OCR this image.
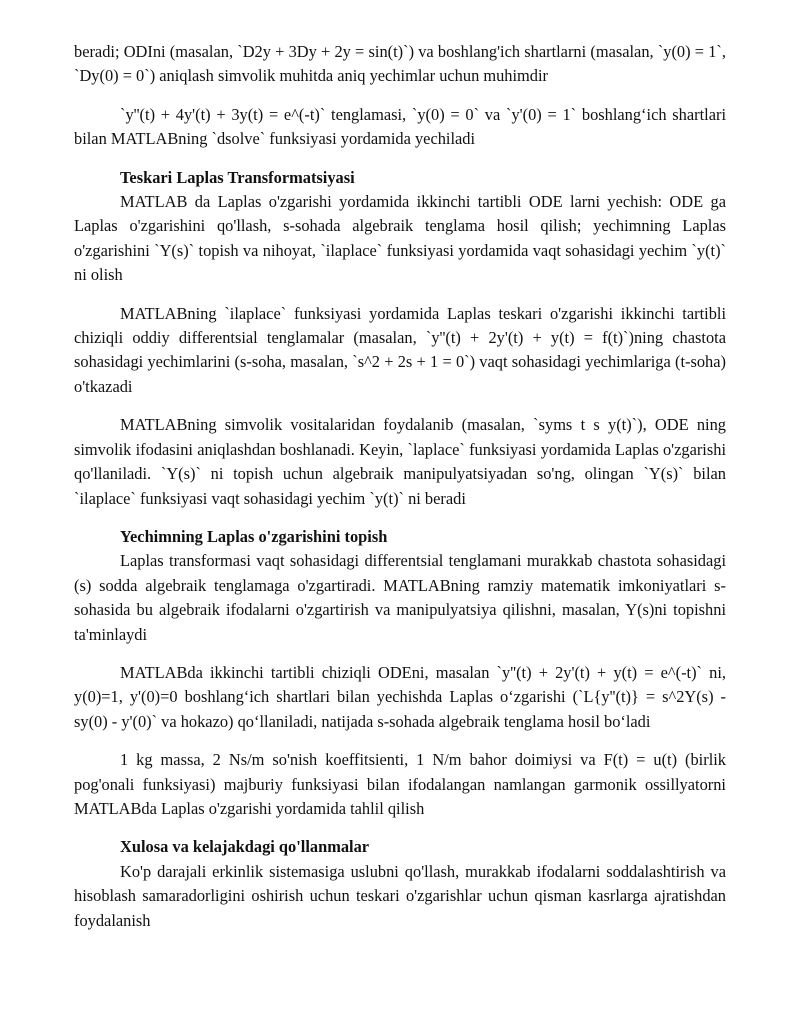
beradi; ODIni (masalan, `D2y + 3Dy + 2y = sin(t)`) va boshlang'ich shartlarni (masalan, `y(0) = 1`, `Dy(0) = 0`) aniqlash simvolik muhitda aniq yechimlar uchun muhimdir

`y''(t) + 4y'(t) + 3y(t) = e^(-t)` tenglamasi, `y(0) = 0` va `y'(0) = 1` boshlang‘ich shartlari bilan MATLABning `dsolve` funksiyasi yordamida yechiladi

Teskari Laplas Transformatsiyasi

MATLAB da Laplas o'zgarishi yordamida ikkinchi tartibli ODE larni yechish: ODE ga Laplas o'zgarishini qo'llash, s-sohada algebraik tenglama hosil qilish; yechimning Laplas o'zgarishini `Y(s)` topish va nihoyat, `ilaplace` funksiyasi yordamida vaqt sohasidagi yechim `y(t)` ni olish

MATLABning `ilaplace` funksiyasi yordamida Laplas teskari o'zgarishi ikkinchi tartibli chiziqli oddiy differentsial tenglamalar (masalan, `y''(t) + 2y'(t) + y(t) = f(t)`)ning chastota sohasidagi yechimlarini (s-soha, masalan, `s^2 + 2s + 1 = 0`) vaqt sohasidagi yechimlariga (t-soha) o'tkazadi

MATLABning simvolik vositalaridan foydalanib (masalan, `syms t s y(t)`), ODE ning simvolik ifodasini aniqlashdan boshlanadi. Keyin, `laplace` funksiyasi yordamida Laplas o'zgarishi qo'llaniladi. `Y(s)` ni topish uchun algebraik manipulyatsiyadan so'ng, olingan `Y(s)` bilan `ilaplace` funksiyasi vaqt sohasidagi yechim `y(t)` ni beradi

Yechimning Laplas o'zgarishini topish

Laplas transformasi vaqt sohasidagi differentsial tenglamani murakkab chastota sohasidagi (s) sodda algebraik tenglamaga o'zgartiradi. MATLABning ramziy matematik imkoniyatlari s-sohasida bu algebraik ifodalarni o'zgartirish va manipulyatsiya qilishni, masalan, Y(s)ni topishni ta'minlaydi

MATLABda ikkinchi tartibli chiziqli ODEni, masalan `y''(t) + 2y'(t) + y(t) = e^(-t)` ni, y(0)=1, y'(0)=0 boshlang‘ich shartlari bilan yechishda Laplas o‘zgarishi (`L{y''(t)} = s^2Y(s) - sy(0) - y'(0)` va hokazo) qo‘llaniladi, natijada s-sohada algebraik tenglama hosil bo‘ladi

1 kg massa, 2 Ns/m so'nish koeffitsienti, 1 N/m bahor doimiysi va F(t) = u(t) (birlik pog'onali funksiyasi) majburiy funksiyasi bilan ifodalangan namlangan garmonik ossillyatorni MATLABda Laplas o'zgarishi yordamida tahlil qilish

Xulosa va kelajakdagi qo'llanmalar

Ko'p darajali erkinlik sistemasiga uslubni qo'llash, murakkab ifodalarni soddalashtirish va hisoblash samaradorligini oshirish uchun teskari o'zgarishlar uchun qisman kasrlarga ajratishdan foydalanish
